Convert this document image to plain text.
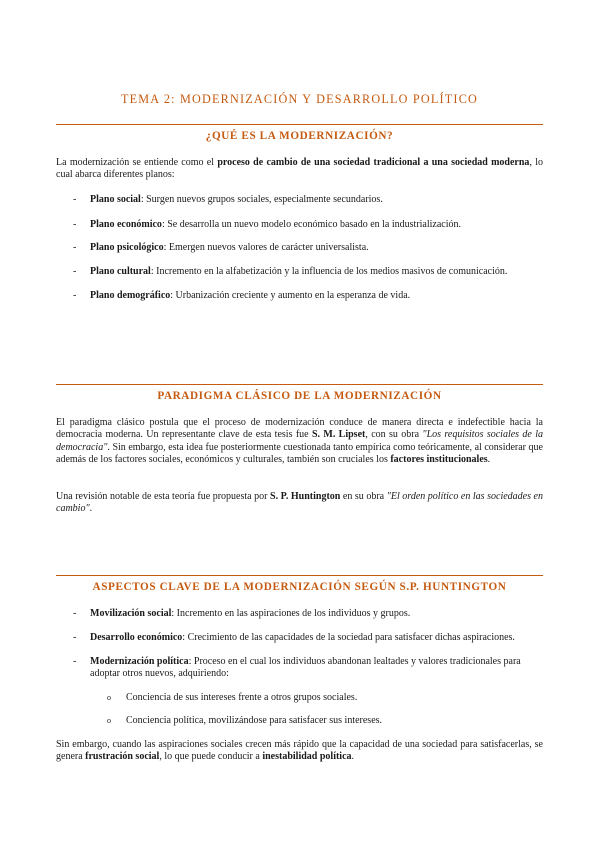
TEMA 2: MODERNIZACIÓN Y DESARROLLO POLÍTICO
¿QUÉ ES LA MODERNIZACIÓN?
La modernización se entiende como el proceso de cambio de una sociedad tradicional a una sociedad moderna, lo cual abarca diferentes planos:
- Plano social: Surgen nuevos grupos sociales, especialmente secundarios.
- Plano económico: Se desarrolla un nuevo modelo económico basado en la industrialización.
- Plano psicológico: Emergen nuevos valores de carácter universalista.
- Plano cultural: Incremento en la alfabetización y la influencia de los medios masivos de comunicación.
- Plano demográfico: Urbanización creciente y aumento en la esperanza de vida.
PARADIGMA CLÁSICO DE LA MODERNIZACIÓN
El paradigma clásico postula que el proceso de modernización conduce de manera directa e indefectible hacia la democracia moderna. Un representante clave de esta tesis fue S. M. Lipset, con su obra "Los requisitos sociales de la democracia". Sin embargo, esta idea fue posteriormente cuestionada tanto empírica como teóricamente, al considerar que además de los factores sociales, económicos y culturales, también son cruciales los factores institucionales.
Una revisión notable de esta teoría fue propuesta por S. P. Huntington en su obra "El orden político en las sociedades en cambio".
ASPECTOS CLAVE DE LA MODERNIZACIÓN SEGÚN S.P. HUNTINGTON
- Movilización social: Incremento en las aspiraciones de los individuos y grupos.
- Desarrollo económico: Crecimiento de las capacidades de la sociedad para satisfacer dichas aspiraciones.
- Modernización política: Proceso en el cual los individuos abandonan lealtades y valores tradicionales para adoptar otros nuevos, adquiriendo:
o Conciencia de sus intereses frente a otros grupos sociales.
o Conciencia política, movilizándose para satisfacer sus intereses.
Sin embargo, cuando las aspiraciones sociales crecen más rápido que la capacidad de una sociedad para satisfacerlas, se genera frustración social, lo que puede conducir a inestabilidad política.
